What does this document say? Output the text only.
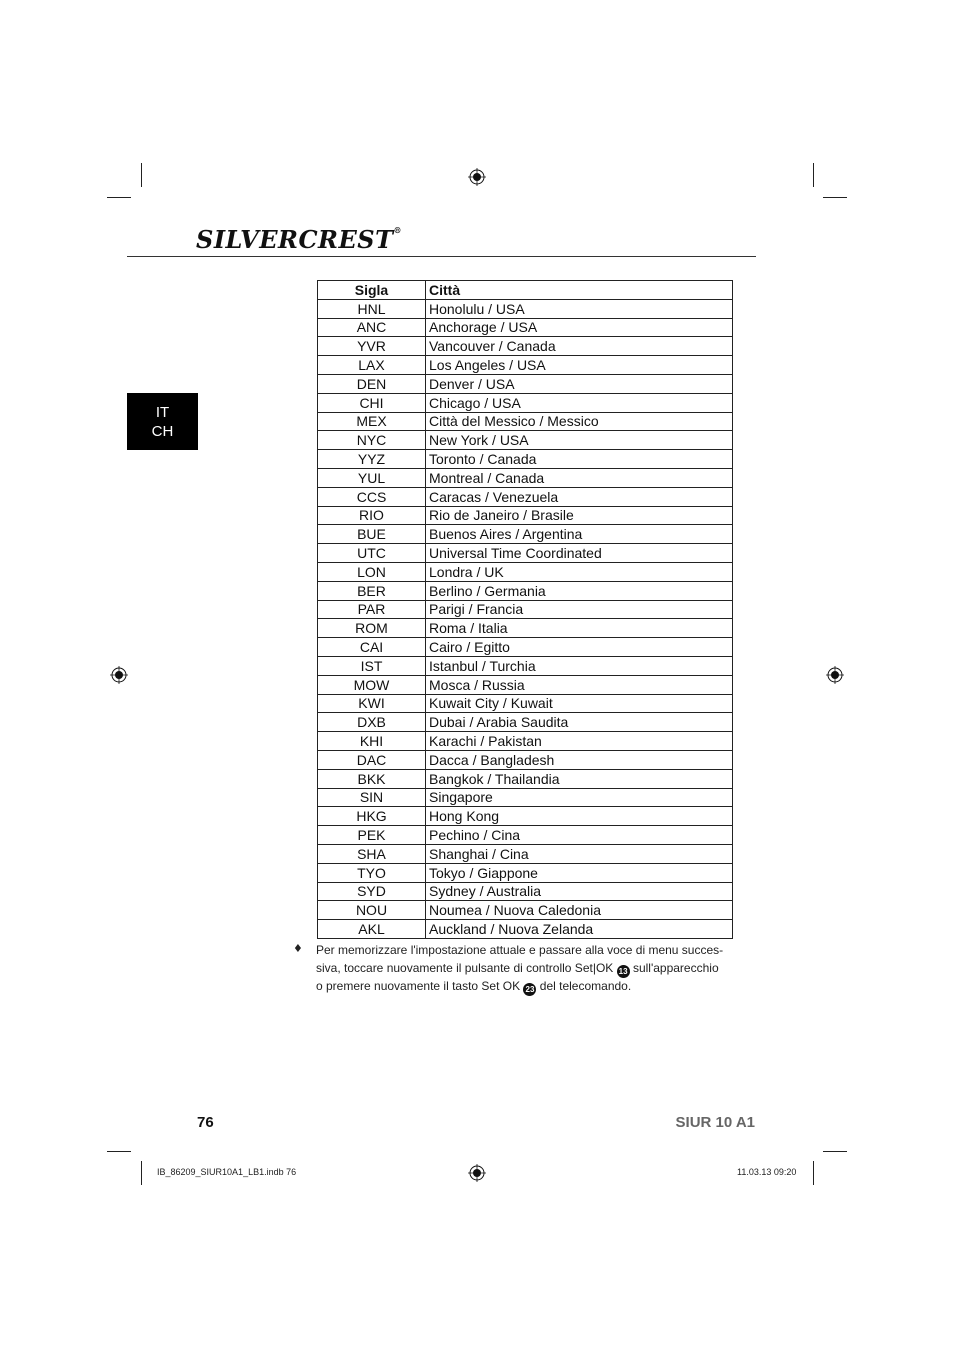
SILVERCREST®
IT
CH
Sigla	Città
HNL	Honolulu / USA
ANC	Anchorage / USA
YVR	Vancouver / Canada
LAX	Los Angeles / USA
DEN	Denver / USA
CHI	Chicago / USA
MEX	Città del Messico / Messico
NYC	New York / USA
YYZ	Toronto / Canada
YUL	Montreal / Canada
CCS	Caracas / Venezuela
RIO	Rio de Janeiro / Brasile
BUE	Buenos Aires / Argentina
UTC	Universal Time Coordinated
LON	Londra / UK
BER	Berlino / Germania
PAR	Parigi / Francia
ROM	Roma / Italia
CAI	Cairo / Egitto
IST	Istanbul / Turchia
MOW	Mosca / Russia
KWI	Kuwait City / Kuwait
DXB	Dubai / Arabia Saudita
KHI	Karachi / Pakistan
DAC	Dacca / Bangladesh
BKK	Bangkok / Thailandia
SIN	Singapore
HKG	Hong Kong
PEK	Pechino / Cina
SHA	Shanghai / Cina
TYO	Tokyo / Giappone
SYD	Sydney / Australia
NOU	Noumea / Nuova Caledonia
AKL	Auckland / Nuova Zelanda
♦ Per memorizzare l'impostazione attuale e passare alla voce di menu succes-
siva, toccare nuovamente il pulsante di controllo Set|OK 13 sull'apparecchio
o premere nuovamente il tasto Set OK 23 del telecomando.
76	SIUR 10 A1
IB_86209_SIUR10A1_LB1.indb 76	11.03.13 09:20
